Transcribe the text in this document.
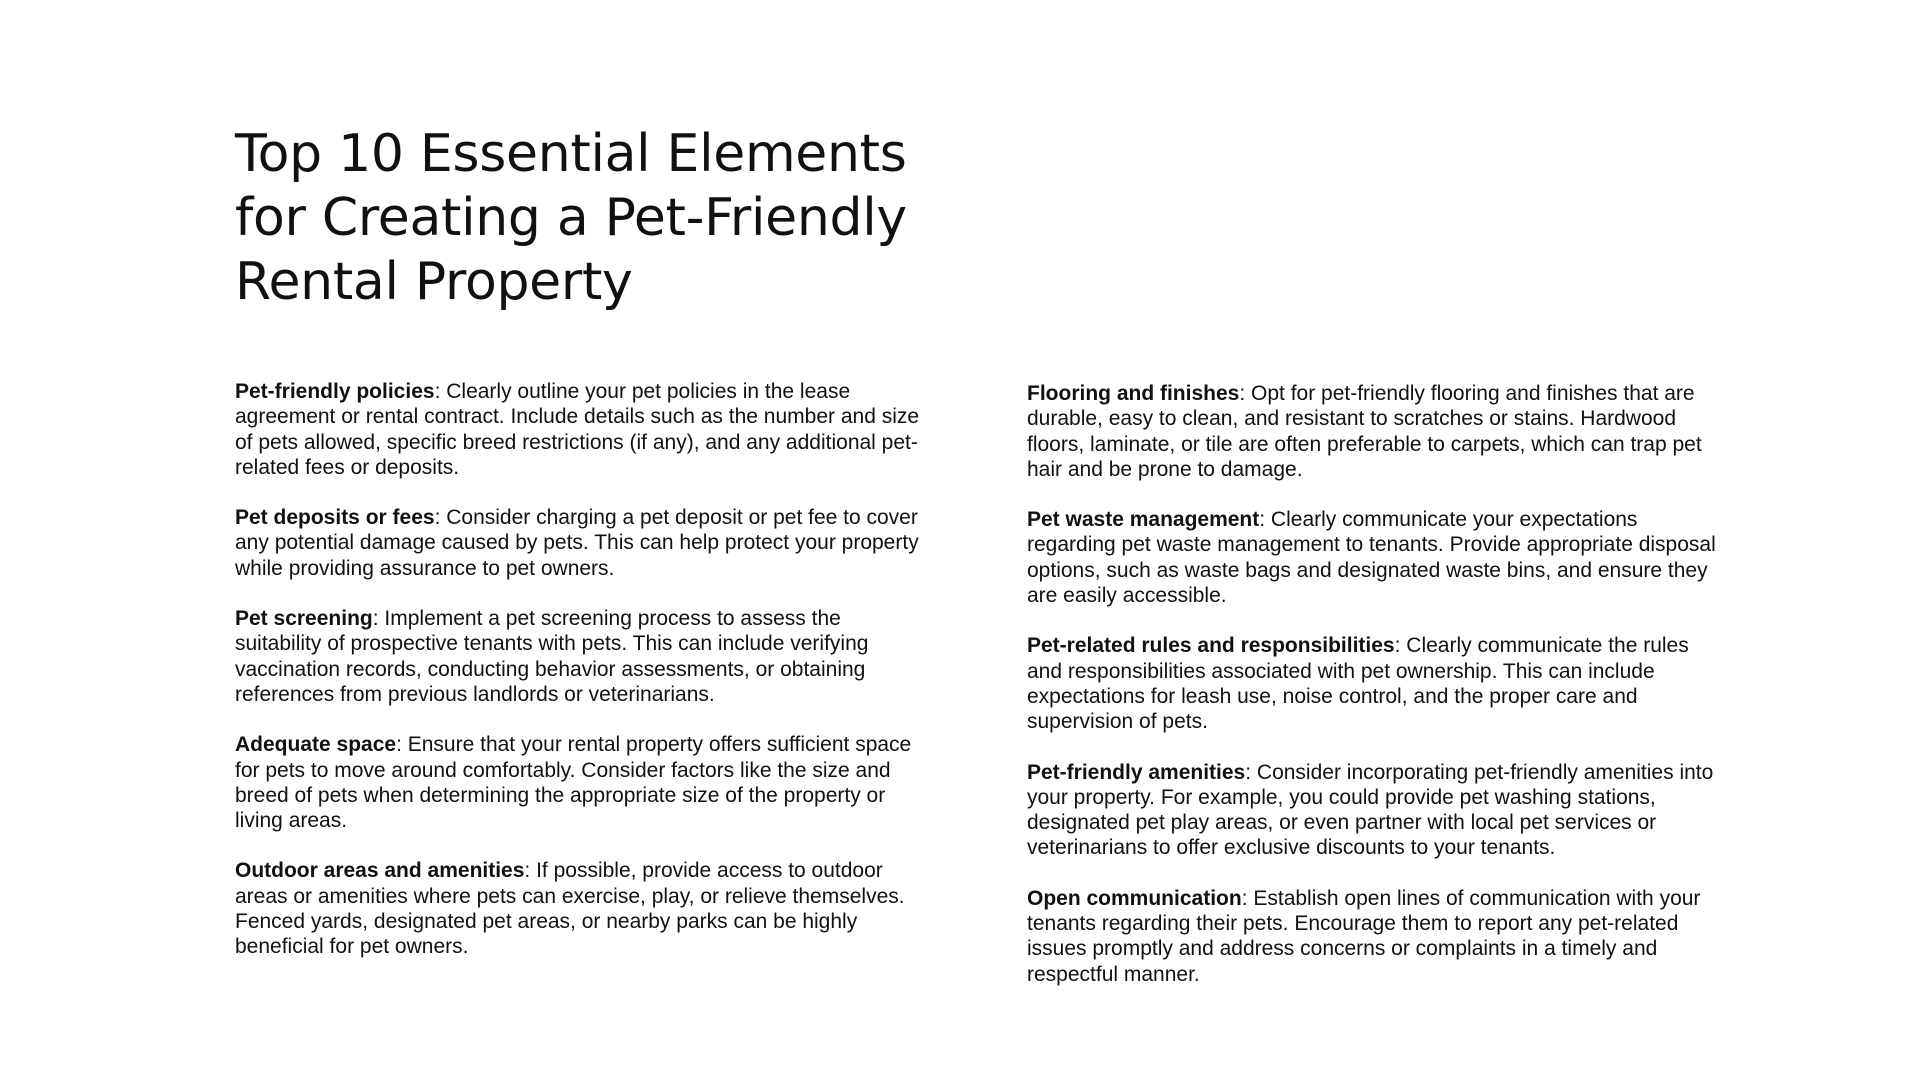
Top 10 Essential Elements for Creating a Pet-Friendly Rental Property

Pet-friendly policies: Clearly outline your pet policies in the lease agreement or rental contract. Include details such as the number and size of pets allowed, specific breed restrictions (if any), and any additional pet-related fees or deposits.

Pet deposits or fees: Consider charging a pet deposit or pet fee to cover any potential damage caused by pets. This can help protect your property while providing assurance to pet owners.

Pet screening: Implement a pet screening process to assess the suitability of prospective tenants with pets. This can include verifying vaccination records, conducting behavior assessments, or obtaining references from previous landlords or veterinarians.

Adequate space: Ensure that your rental property offers sufficient space for pets to move around comfortably. Consider factors like the size and breed of pets when determining the appropriate size of the property or living areas.

Outdoor areas and amenities: If possible, provide access to outdoor areas or amenities where pets can exercise, play, or relieve themselves. Fenced yards, designated pet areas, or nearby parks can be highly beneficial for pet owners.

Flooring and finishes: Opt for pet-friendly flooring and finishes that are durable, easy to clean, and resistant to scratches or stains. Hardwood floors, laminate, or tile are often preferable to carpets, which can trap pet hair and be prone to damage.

Pet waste management: Clearly communicate your expectations regarding pet waste management to tenants. Provide appropriate disposal options, such as waste bags and designated waste bins, and ensure they are easily accessible.

Pet-related rules and responsibilities: Clearly communicate the rules and responsibilities associated with pet ownership. This can include expectations for leash use, noise control, and the proper care and supervision of pets.

Pet-friendly amenities: Consider incorporating pet-friendly amenities into your property. For example, you could provide pet washing stations, designated pet play areas, or even partner with local pet services or veterinarians to offer exclusive discounts to your tenants.

Open communication: Establish open lines of communication with your tenants regarding their pets. Encourage them to report any pet-related issues promptly and address concerns or complaints in a timely and respectful manner.
